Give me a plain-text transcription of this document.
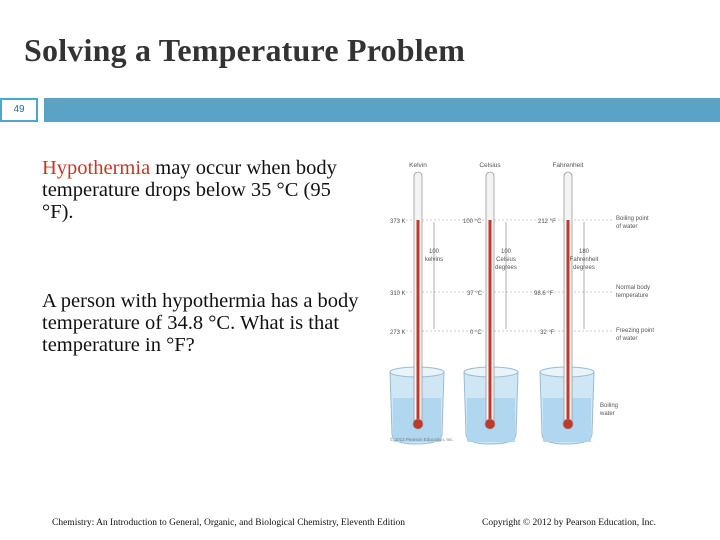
Solving a Temperature Problem
49

Hypothermia may occur when body temperature drops below 35 °C (95 °F).

A person with hypothermia has a body temperature of 34.8 °C. What is that temperature in °F?

Kelvin	Celsius	Fahrenheit
373 K	100 °C	212 °F
310 K	37 °C	98.6 °F
273 K	0 °C	32 °F
100
kelvins
100
Celsius
degrees
180
Fahrenheit
degrees
Boiling point
of water
Normal body
temperature
Freezing point
of water
Boiling
water
© 2012 Pearson Education, Inc.
Chemistry: An Introduction to General, Organic, and Biological Chemistry, Eleventh Edition	Copyright © 2012 by Pearson Education, Inc.
